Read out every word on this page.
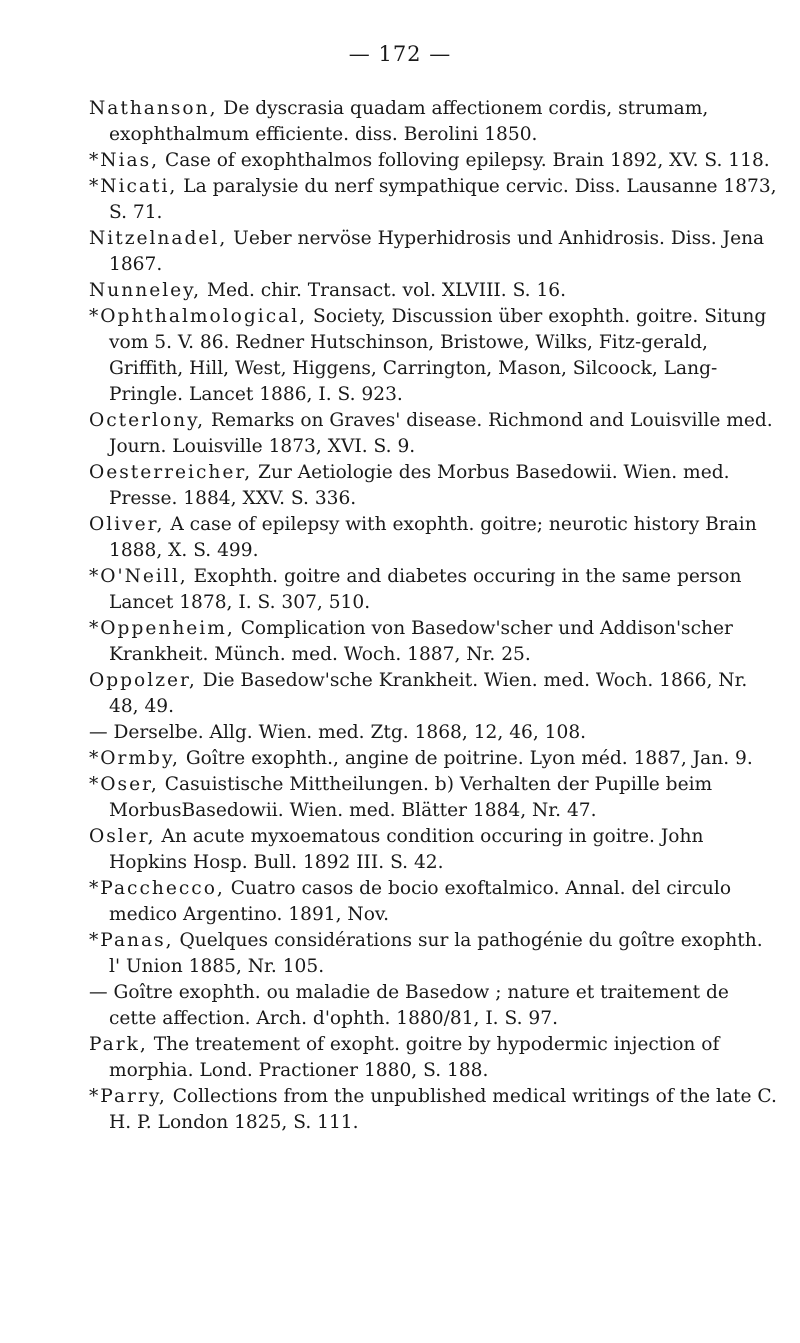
— 172 —

Nathanson, De dyscrasia quadam affectionem cordis, strumam, exophthalmum efficiente. diss. Berolini 1850.

*Nias, Case of exophthalmos folloving epilepsy. Brain 1892, XV. S. 118.

*Nicati, La paralysie du nerf sympathique cervic. Diss. Lausanne 1873, S. 71.

Nitzelnadel, Ueber nervöse Hyperhidrosis und Anhidrosis. Diss. Jena 1867.

Nunneley, Med. chir. Transact. vol. XLVIII. S. 16.

*Ophthalmological, Society, Discussion über exophth. goitre. Situng vom 5. V. 86. Redner Hutschinson, Bristowe, Wilks, Fitz-gerald, Griffith, Hill, West, Higgens, Carrington, Mason, Silcoock, Lang-Pringle. Lancet 1886, I. S. 923.

Octerlony, Remarks on Graves' disease. Richmond and Louisville med. Journ. Louisville 1873, XVI. S. 9.

Oesterreicher, Zur Aetiologie des Morbus Basedowii. Wien. med. Presse. 1884, XXV. S. 336.

Oliver, A case of epilepsy with exophth. goitre; neurotic history Brain 1888, X. S. 499.

*O'Neill, Exophth. goitre and diabetes occuring in the same person Lancet 1878, I. S. 307, 510.

*Oppenheim, Complication von Basedow'scher und Addison'scher Krankheit. Münch. med. Woch. 1887, Nr. 25.

Oppolzer, Die Basedow'sche Krankheit. Wien. med. Woch. 1866, Nr. 48, 49.

— Derselbe. Allg. Wien. med. Ztg. 1868, 12, 46, 108.

*Ormby, Goître exophth., angine de poitrine. Lyon méd. 1887, Jan. 9.

*Oser, Casuistische Mittheilungen. b) Verhalten der Pupille beim MorbusBasedowii. Wien. med. Blätter 1884, Nr. 47.

Osler, An acute myxoematous condition occuring in goitre. John Hopkins Hosp. Bull. 1892 III. S. 42.

*Pacchecco, Cuatro casos de bocio exoftalmico. Annal. del circulo medico Argentino. 1891, Nov.

*Panas, Quelques considérations sur la pathogénie du goître exophth. l' Union 1885, Nr. 105.

— Goître exophth. ou maladie de Basedow ; nature et traitement de cette affection. Arch. d'ophth. 1880/81, I. S. 97.

Park, The treatement of exopht. goitre by hypodermic injection of morphia. Lond. Practioner 1880, S. 188.

*Parry, Collections from the unpublished medical writings of the late C. H. P. London 1825, S. 111.
